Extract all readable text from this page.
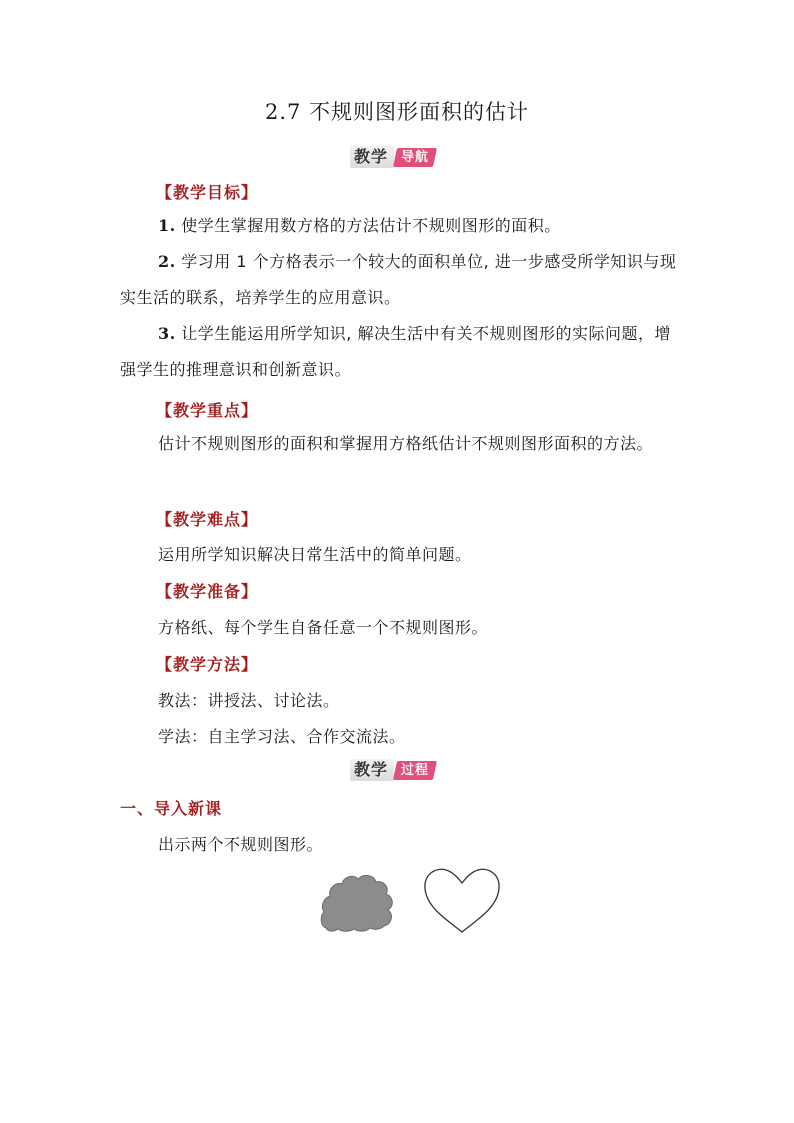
2.7 不规则图形面积的估计
教学	导航
【教学目标】
1. 使学生掌握用数方格的方法估计不规则图形的面积。
2. 学习用 1 个方格表示一个较大的面积单位, 进一步感受所学知识与现实生活的联系，培养学生的应用意识。
3. 让学生能运用所学知识, 解决生活中有关不规则图形的实际问题，增强学生的推理意识和创新意识。
【教学重点】
估计不规则图形的面积和掌握用方格纸估计不规则图形面积的方法。
【教学难点】
运用所学知识解决日常生活中的简单问题。
【教学准备】
方格纸、每个学生自备任意一个不规则图形。
【教学方法】
教法：讲授法、讨论法。
学法：自主学习法、合作交流法。
教学	过程
一、导入新课
出示两个不规则图形。
